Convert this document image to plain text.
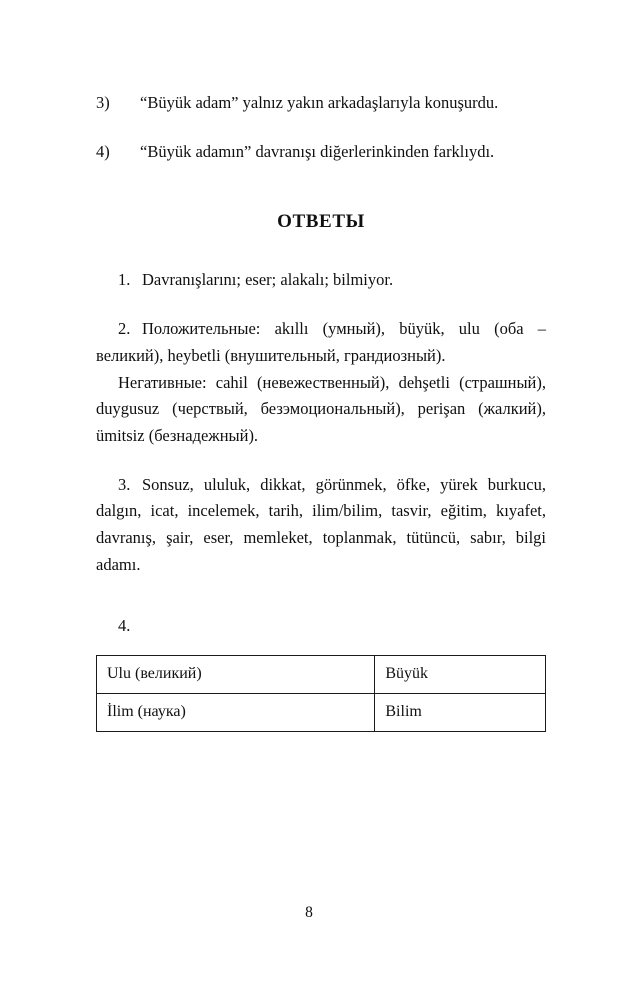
3)	“Büyük adam” yalnız yakın arkadaşlarıyla konuşurdu.
4)	“Büyük adamın” davranışı diğerlerinkinden farklıydı.
ОТВЕТЫ
1. Davranışlarını; eser; alakalı; bilmiyor.
2. Положительные: akıllı (умный), büyük, ulu (оба – великий), heybetli (внушительный, грандиозный).
Негативные: cahil (невежественный), dehşetli (страшный), duygusuz (черствый, безэмоциональный), perişan (жалкий), ümitsiz (безнадежный).
3. Sonsuz, ululuk, dikkat, görünmek, öfke, yürek burkucu, dalgın, icat, incelemek, tarih, ilim/bilim, tasvir, eğitim, kıyafet, davranış, şair, eser, memleket, toplanmak, tütüncü, sabır, bilgi adamı.
4.
Ulu (великий)	Büyük
İlim (наука)	Bilim
8
